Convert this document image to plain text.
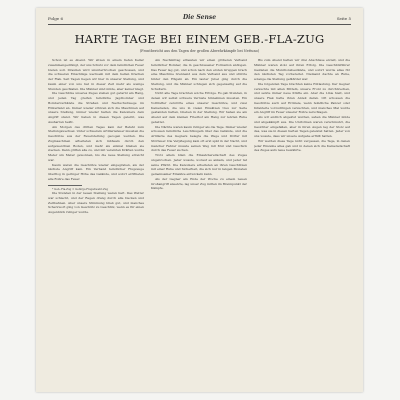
Folge 6	Die Sense	Seite 5
HARTE TAGE BEI EINEM GEB.-FLA-ZUG
(Frontbericht aus den Tagen der großen Abwehrkämpfe bei Nettuno)

Schon ist es Abend. Wir sitzen in einem tiefen Keller zusammengedrängt, der uns Schutz vor dem feindlichen Feuer bieten soll. Draußen wird ununterbrochen geschossen, und die schweren Einschläge wechseln mit dem hellen Krachen der Flak. Seit Tagen liegen wir hier in unserer Stellung, und kaum einer von uns hat in dieser Zeit mehr als wenige Stunden geschlafen. Die Männer sind müde, aber keiner klagt.

Die Geschütze unseres Zuges stehen gut getarnt am Hang, und jeden Tag greifen feindliche Jagdbomber und Bomberverbände die Straßen und Nachschubwege im Hinterland an. Immer wieder stürzen sich die Maschinen auf unsere Stellung, immer wieder halten die Kanoniere dem Angriff stand. Wir haben in diesen Tagen gelernt, was Ausharren heißt.

Am Morgen des dritten Tages kam der Befehl zum Stellungswechsel. Unter schwerem Artilleriefeuer mussten die Geschütze aus der Feuerstellung gezogen werden. Die Zugmaschinen arbeiteten sich mühsam durch den aufgeweichten Boden, und mehr als einmal blieben sie stecken. Dann griffen alle zu, und mit vereinten Kräften wurde Meter um Meter gewonnen, bis die neue Stellung erreicht war.

Kaum waren die Geschütze wieder eingegraben, als der nächste Angriff kam. Ein Verband feindlicher Flugzeuge überflog in geringer Höhe das Gelände, und sofort eröffneten alle Rohre das Feuer.

* Geb.-Fla-Zug = Gebirgs-Flugabwehr-Zug

Die Stunden in der neuen Stellung waren hart. Das Wetter war schlecht, und der Regen drang durch alle Decken und Zeltbahnen. Aber unsere Stimmung blieb gut, und manches Scherzwort ging von Geschütz zu Geschütz, wenn es für einen Augenblick ruhiger wurde.

Am Nachmittag erfassten wir einen größeren Verband feindlicher Bomber, die in geschlossener Formation anflogen. Das Feuer lag gut, und schon nach den ersten Gruppen brach eine Maschine brennend aus dem Verband aus und stürzte hinter den Hügeln ab. Ein lauter Jubel ging durch die Stellung, und die Männer schlugen sich gegenseitig auf die Schultern.

Nicht alle Tage brachten solche Erfolge. Es gab Stunden, in denen wir selbst schwere Verluste hinnehmen mussten. Ein Volltreffer zerstörte eines unserer Geschütze, und zwei Kameraden, die uns in vielen Einsätzen treu zur Seite gestanden hatten, blieben in der Stellung. Wir haben sie am Abend auf dem kleinen Friedhof am Hang zur letzten Ruhe gebettet.

Die Nächte waren kaum ruhiger als die Tage. Immer wieder schossen feindliche Leuchtkugeln über das Gelände, und die Artillerie des Gegners belegte die Wege und Dörfer mit Störfeuer. Die Verpflegung kam oft erst spät in der Nacht, und mancher Fahrer musste seinen Weg mit Mut und Geschick durch das Feuer suchen.

Trotz allem blieb die Einsatzbereitschaft des Zuges ungebrochen. Jeder wusste, worauf es ankam, und jeder tat seine Pflicht. Die Kanoniere arbeiteten an ihren Geschützen mit einer Ruhe und Sicherheit, die sich nur in langen Monaten gemeinsamer Einsätze entwickeln kann.

Als der Gegner am Ende der Woche zu einem neuen Großangriff ansetzte, lag unser Zug mitten im Brennpunkt der Kämpfe.

Bis zum Abend hatten wir drei Abschüsse erzielt, und die Männer waren stolz auf ihren Erfolg. Die Geschützführer meldeten die Munitionsbestände, und sofort wurde alles für den nächsten Tag vorbereitet. Niemand dachte an Ruhe, solange die Stellung gefährdet war.

Die folgenden Tage brachten keine Entlastung. Der Gegner versuchte mit allen Mitteln, unsere Front zu durchbrechen, und setzte immer neue Kräfte ein. Aber die Linie hielt, und unsere Flak hatte ihren Anteil daran. Oft schossen die Geschütze auch auf Erdziele, wenn feindliche Panzer oder Infanterie vorzudringen versuchten, und manches Mal wurde ein Angriff im Feuer unserer Rohre zerschlagen.

Als wir endlich abgelöst wurden, sahen die Männer müde und abgekämpft aus. Die Uniformen waren verschmutzt, die Gesichter eingefallen, aber in ihren Augen lag der Stolz auf das, was sie in diesen harten Tagen geleistet hatten. Jeder von uns wusste, dass wir unsere Aufgabe erfüllt hatten.

Wir werden diese Tage nicht vergessen, die Tage, in denen jeder Einzelne alles gab und in denen sich die Kameradschaft des Zuges aufs neue bewährte.
